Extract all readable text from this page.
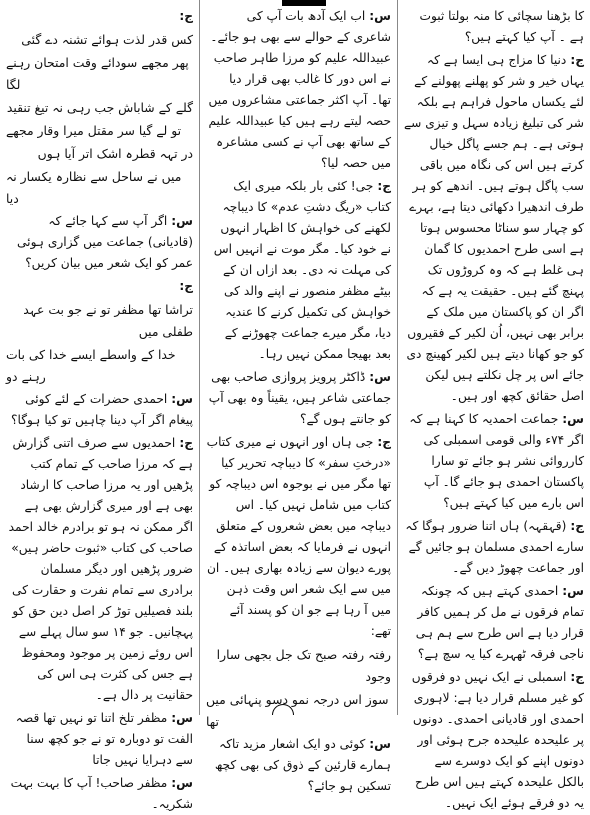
کا بڑھنا سچائی کا منہ بولتا ثبوت ہے ۔ آپ کیا کہتے ہیں؟
ج:دنیا کا مزاج ہی ایسا ہے کہ یہاں خیر و شر کو پھلنے پھولنے کے لئے یکساں ماحول فراہم ہے بلکہ شر کی تبلیغ زیادہ سہل و تیزی سے ہوتی ہے۔ ہم جسے پاگل خیال کرتے ہیں اس کی نگاہ میں باقی سب پاگل ہوتے ہیں۔ اندھے کو ہر طرف اندھیرا دکھائی دیتا ہے، بہرے کو چہار سو سناٹا محسوس ہوتا ہے اسی طرح احمدیوں کا گمان ہی غلط ہے کہ وہ کروڑوں تک پہنچ گئے ہیں۔ حقیقت یہ ہے کہ اگر ان کو پاکستان میں ملک کے برابر بھی نہیں، اُن لکیر کے فقیروں کو جو کھانا دیتے ہیں لکیر کھینچ دی جائے اس پر چل نکلتے ہیں لیکن اصل حقائق کچھ اور ہیں۔
س:جماعت احمدیہ کا کہنا ہے کہ اگر ۷۴ء والی قومی اسمبلی کی کارروائی نشر ہو جائے تو سارا پاکستان احمدی ہو جائے گا۔ آپ اس بارے میں کیا کہتے ہیں؟
ج:(قہقہہ) ہاں اتنا ضرور ہوگا کہ سارے احمدی مسلمان ہو جائیں گے اور جماعت چھوڑ دیں گے۔
س:احمدی کہتے ہیں کہ چونکہ تمام فرقوں نے مل کر ہمیں کافر قرار دیا ہے اس طرح سے ہم ہی ناجی فرقہ ٹھہرے کیا یہ سچ ہے؟
ج:اسمبلی نے ایک نہیں دو فرقوں کو غیر مسلم قرار دیا ہے: لاہوری احمدی اور قادیانی احمدی۔ دونوں پر علیحدہ علیحدہ جرح ہوئی اور دونوں اپنے کو ایک دوسرے سے بالکل علیحدہ کہتے ہیں اس طرح یہ دو فرقے ہوئے ایک نہیں۔
س:اب ایک آدھ بات آپ کی شاعری کے حوالے سے بھی ہو جائے۔ عبیداللہ علیم کو مرزا طاہر صاحب نے اس دور کا غالب بھی قرار دیا تھا۔ آپ اکثر جماعتی مشاعروں میں حصہ لیتے رہے ہیں کیا عبیداللہ علیم کے ساتھ بھی آپ نے کسی مشاعرہ میں حصہ لیا؟
ج:جی! کئی بار بلکہ میری ایک کتاب «ریگ دشتِ عدم» کا دیباچہ لکھنے کی خواہش کا اظہار انہوں نے خود کیا۔ مگر موت نے انہیں اس کی مہلت نہ دی۔ بعد ازاں ان کے بیٹے مظفر منصور نے اپنے والد کی خواہش کی تکمیل کرنے کا عندیہ دیا، مگر میرے جماعت چھوڑنے کے بعد بھیجا ممکن نہیں رہا۔
س:ڈاکٹر پرویز پروازی صاحب بھی جماعتی شاعر ہیں، یقیناً وہ بھی آپ کو جانتے ہوں گے؟
ج:جی ہاں اور انہوں نے میری کتاب «درختِ سفر» کا دیباچہ تحریر کیا تھا مگر میں نے بوجوہ اس دیباچہ کو کتاب میں شامل نہیں کیا۔ اس دیباچہ میں بعض شعروں کے متعلق انہوں نے فرمایا کہ بعض اساتذہ کے پورے دیوان سے زیادہ بھاری ہیں۔ ان میں سے ایک شعر اس وقت ذہن میں آ رہا ہے جو ان کو پسند آئے تھے:
رفتہ رفتہ صبح تک جل بجھی سارا وجود
سوز اس درجہ نمو دسو پنہائی میں تھا
س:کوئی دو ایک اشعار مزید تاکہ ہمارے قارئین کے ذوق کی بھی کچھ تسکین ہو جائے؟
ج:
کس قدر لذت ہوائے تشنہ دے گئی
پھر مجھے سودائے وقت امتحان رہنے لگا
گلے کے شاباش جب رہی نہ تیغ تنقید
تو لے گیا سر مقتل میرا وقار مجھے
در تہہ قطرہ اشک اتر آیا ہوں
میں نے ساحل سے نظارہ یکسار نہ دیا
س:اگر آپ سے کہا جائے کہ (قادیانی) جماعت میں گزاری ہوئی عمر کو ایک شعر میں بیان کریں؟
ج:
تراشا تھا مظفر تو نے جو بت عہد طفلی میں
خدا کے واسطے ایسے خدا کی بات رہنے دو
س:احمدی حضرات کے لئے کوئی پیغام اگر آپ دینا چاہیں تو کیا ہوگا؟
ج:احمدیوں سے صرف اتنی گزارش ہے کہ مرزا صاحب کے تمام کتب پڑھیں اور یہ مرزا صاحب کا ارشاد بھی ہے اور میری گزارش بھی ہے اگر ممکن نہ ہو تو برادرم خالد احمد صاحب کی کتاب «ثبوت حاضر ہیں» ضرور پڑھیں اور دیگر مسلمان برادری سے تمام نفرت و حقارت کی بلند فصیلیں توڑ کر اصل دین حق کو پہچانیں۔ جو ۱۴ سو سال پہلے سے اس روئے زمین پر موجود ومحفوظ ہے جس کی کثرت ہی اس کی حقانیت پر دال ہے۔
س:مظفر تلخ اتنا تو نہیں تھا قصہ الفت تو دوبارہ تو نے جو کچھ سنا سے دہرایا نہیں جاتا
س:مظفر صاحب! آپ کا بہت بہت شکریہ۔
